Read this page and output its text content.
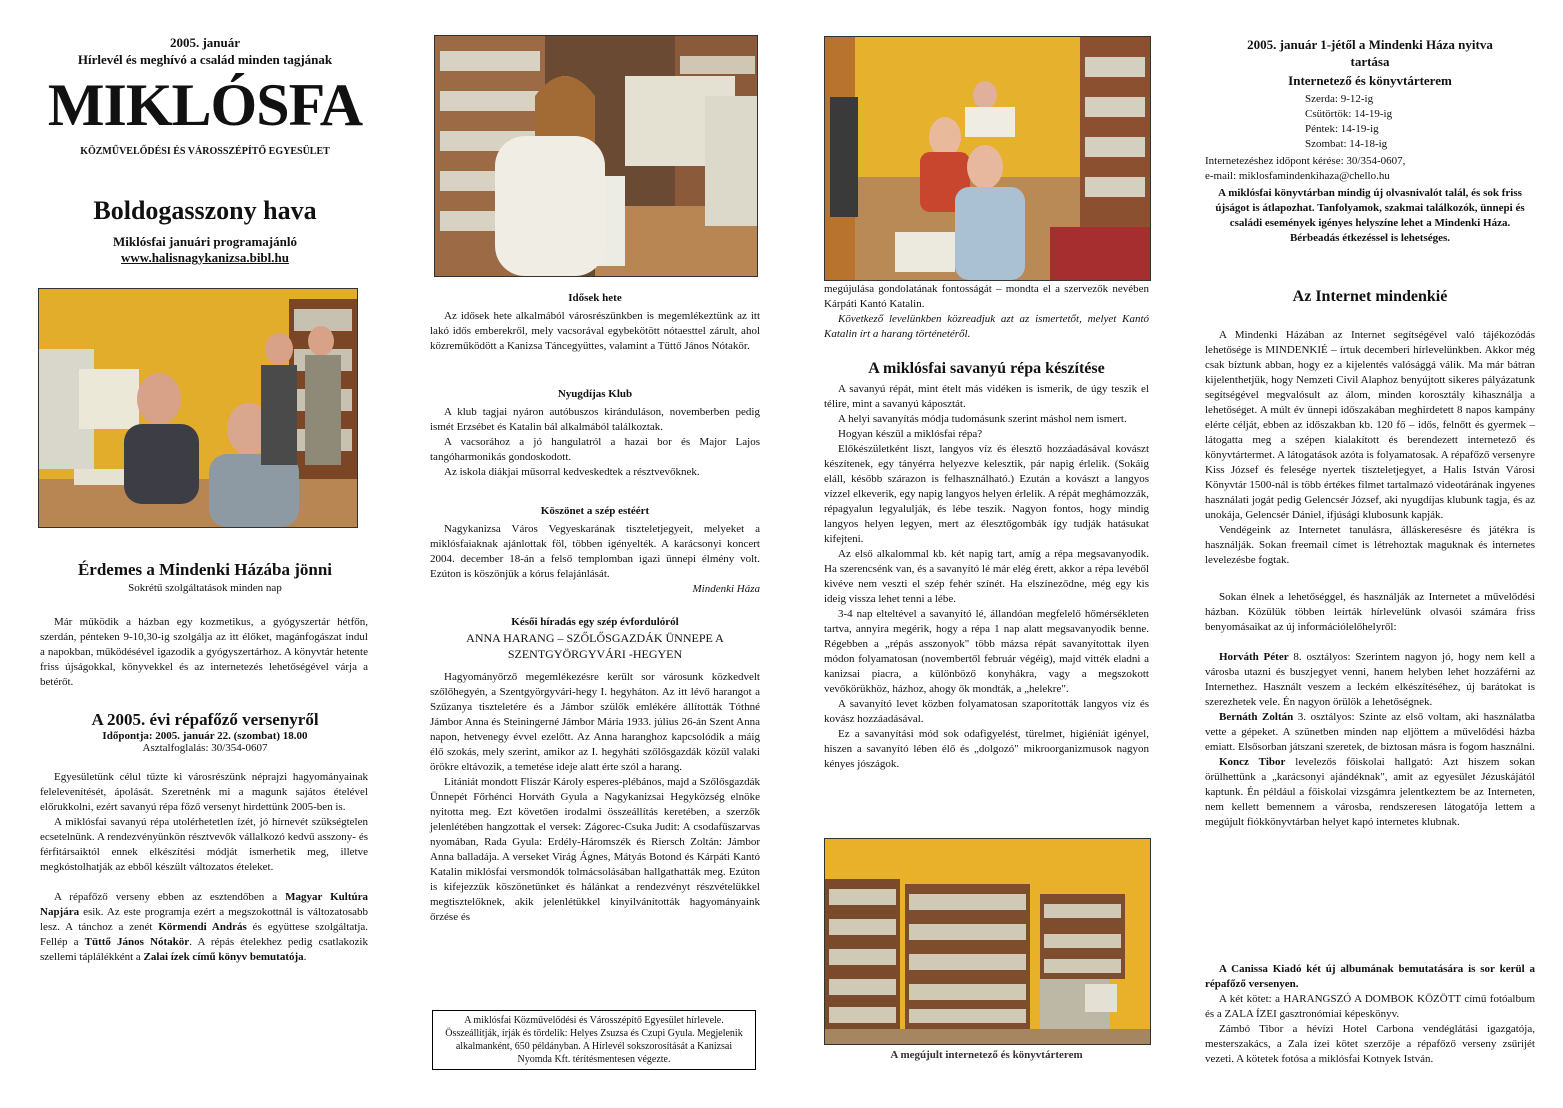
2005. január
Hírlevél és meghívó a család minden tagjának
MIKLÓSFA
KÖZMŰVELŐDÉSI ÉS VÁROSSZÉPÍTŐ EGYESÜLET
Boldogasszony hava
Miklósfai januári programajánló
www.halisnagykanizsa.bibl.hu
Érdemes a Mindenki Házába jönni
Sokrétű szolgáltatások minden nap

Már működik a házban egy kozmetikus, a gyógyszertár hétfőn, szerdán, pénteken 9-10,30-ig szolgálja az itt élőket, magánfogászat indul a napokban, működésével igazodik a gyógyszertárhoz. A könyvtár hetente friss újságokkal, könyvekkel és az internetezés lehetőségével várja a betérőt.

A 2005. évi répafőző versenyről
Időpontja: 2005. január 22. (szombat) 18.00
Asztalfoglalás: 30/354-0607

Egyesületünk célul tűzte ki városrészünk néprajzi hagyományainak felelevenítését, ápolását. Szeretnénk mi a magunk sajátos ételével előrukkolni, ezért savanyú répa főző versenyt hirdettünk 2005-ben is.

A miklósfai savanyú répa utolérhetetlen ízét, jó hírnevét szükségtelen ecsetelnünk. A rendezvényünkön résztvevők vállalkozó kedvű asszony- és férfitársaiktól ennek elkészítési módját ismerhetik meg, illetve megkóstolhatják az ebből készült változatos ételeket.

A répafőző verseny ebben az esztendőben a Magyar Kultúra Napjára esik. Az este programja ezért a megszokottnál is változatosabb lesz. A tánchoz a zenét Körmendi András és együttese szolgáltatja. Fellép a Tüttő János Nótakör. A répás ételekhez pedig csatlakozik szellemi táplálékként a Zalai ízek című könyv bemutatója.

Idősek hete

Az idősek hete alkalmából városrészünkben is megemlékeztünk az itt lakó idős emberekről, mely vacsorával egybekötött nótaesttel zárult, ahol közreműködött a Kanizsa Táncegyüttes, valamint a Tüttő János Nótakör.

Nyugdíjas Klub

A klub tagjai nyáron autóbuszos kiránduláson, novemberben pedig ismét Erzsébet és Katalin bál alkalmából találkoztak.

A vacsorához a jó hangulatról a hazai bor és Major Lajos tangóharmonikás gondoskodott.

Az iskola diákjai műsorral kedveskedtek a résztvevőknek.

Köszönet a szép estéért

Nagykanizsa Város Vegyeskarának tiszteletjegyeit, melyeket a miklósfaiaknak ajánlottak föl, többen igényelték. A karácsonyi koncert 2004. december 18-án a felső templomban igazi ünnepi élmény volt. Ezúton is köszönjük a kórus felajánlását.

Mindenki Háza
Késői híradás egy szép évfordulóról
ANNA HARANG – SZŐLŐSGAZDÁK ÜNNEPE A
SZENTGYÖRGYVÁRI -HEGYEN

Hagyományőrző megemlékezésre került sor városunk közkedvelt szőlőhegyén, a Szentgyörgyvári-hegy I. hegyháton. Az itt lévő harangot a Szűzanya tiszteletére és a Jámbor szülők emlékére állították Tóthné Jámbor Anna és Steiningerné Jámbor Mária 1933. július 26-án Szent Anna napon, hetvenegy évvel ezelőtt. Az Anna haranghoz kapcsolódik a máig élő szokás, mely szerint, amikor az I. hegyháti szőlősgazdák közül valaki örökre eltávozik, a temetése ideje alatt érte szól a harang.

Litániát mondott Fliszár Károly esperes-plébános, majd a Szőlősgazdák Ünnepét Főrhénci Horváth Gyula a Nagykanizsai Hegyközség elnöke nyitotta meg. Ezt követően irodalmi összeállítás keretében, a szerzők jelenlétében hangzottak el versek: Zágorec-Csuka Judit: A csodafűszarvas nyomában, Rada Gyula: Erdély-Háromszék és Riersch Zoltán: Jámbor Anna balladája. A verseket Virág Ágnes, Mátyás Botond és Kárpáti Kantó Katalin miklósfai versmondók tolmácsolásában hallgathatták meg. Ezúton is kifejezzük köszönetünket és hálánkat a rendezvényt részvételükkel megtisztelőknek, akik jelenlétükkel kinyilvánították hagyományaink őrzése és

A miklósfai Közművelődési és Városszépítő Egyesület hírlevele. Összeállítják, írják és tördelik: Helyes Zsuzsa és Czupi Gyula. Megjelenik alkalmanként, 650 példányban. A Hírlevél sokszorosítását a Kanizsai Nyomda Kft. térítésmentesen végezte.
megújulása gondolatának fontosságát – mondta el a szervezők nevében Kárpáti Kantó Katalin.

Következő levelünkben közreadjuk azt az ismertetőt, melyet Kantó Katalin írt a harang történetéről.

A miklósfai savanyú répa készítése

A savanyú répát, mint ételt más vidéken is ismerik, de úgy teszik el télire, mint a savanyú káposztát.

A helyi savanyítás módja tudomásunk szerint máshol nem ismert.

Hogyan készül a miklósfai répa?

Előkészületként liszt, langyos víz és élesztő hozzáadásával kovászt készítenek, egy tányérra helyezve kelesztik, pár napig érlelik. (Sokáig eláll, később szárazon is felhasználható.) Ezután a kovászt a langyos vízzel elkeverik, egy napig langyos helyen érlelik. A répát meghámozzák, répagyalun legyalulják, és lébe teszik. Nagyon fontos, hogy mindig langyos helyen legyen, mert az élesztőgombák így tudják hatásukat kifejteni.

Az első alkalommal kb. két napig tart, amíg a répa megsavanyodik. Ha szerencsénk van, és a savanyító lé már elég érett, akkor a répa levéből kivéve nem veszti el szép fehér színét. Ha elszíneződne, még egy kis ideig vissza lehet tenni a lébe.

3-4 nap elteltével a savanyító lé, állandóan megfelelő hőmérsékleten tartva, annyira megérik, hogy a répa 1 nap alatt megsavanyodik benne. Régebben a „répás asszonyok" több mázsa répát savanyítottak ilyen módon folyamatosan (novembertől február végéig), majd vitték eladni a kanizsai piacra, a különböző konyhákra, vagy a megszokott vevőkörükhöz, házhoz, ahogy ők mondták, a „helekre".

A savanyító levet közben folyamatosan szaporították langyos víz és kovász hozzáadásával.

Ez a savanyítási mód sok odafigyelést, türelmet, higiéniát igényel, hiszen a savanyító lében élő és „dolgozó" mikroorganizmusok nagyon kényes jószágok.

A megújult internetező és könyvtárterem
2005. január 1-jétől a Mindenki Háza nyitva
tartása
Internetező és könyvtárterem
Szerda: 9-12-ig
Csütörtök: 14-19-ig
Péntek: 14-19-ig
Szombat: 14-18-ig
Internetezéshez időpont kérése: 30/354-0607,
e-mail: miklosfamindenkihaza@chello.hu
A miklósfai könyvtárban mindig új olvasnivalót talál, és sok friss újságot is átlapozhat. Tanfolyamok, szakmai találkozók, ünnepi és családi események igényes helyszíne lehet a Mindenki Háza. Bérbeadás étkezéssel is lehetséges.
Az Internet mindenkié

A Mindenki Házában az Internet segítségével való tájékozódás lehetősége is MINDENKIÉ – írtuk decemberi hírlevelünkben. Akkor még csak bíztunk abban, hogy ez a kijelentés valósággá válik. Ma már bátran kijelenthetjük, hogy Nemzeti Civil Alaphoz benyújtott sikeres pályázatunk segítségével megvalósult az álom, minden korosztály kihasználja a lehetőséget. A múlt év ünnepi időszakában meghirdetett 8 napos kampány elérte célját, ebben az időszakban kb. 120 fő – idős, felnőtt és gyermek – látogatta meg a szépen kialakított és berendezett internetező és könyvtártermet. A látogatások azóta is folyamatosak. A répafőző versenyre Kiss József és felesége nyertek tiszteletjegyet, a Halis István Városi Könyvtár 1500-nál is több értékes filmet tartalmazó videotárának ingyenes használati jogát pedig Gelencsér József, aki nyugdíjas klubunk tagja, és az unokája, Gelencsér Dániel, ifjúsági klubosunk kapják.

Vendégeink az Internetet tanulásra, álláskeresésre és játékra is használják. Sokan freemail címet is létrehoztak maguknak és internetes levelezésbe fogtak.

Sokan élnek a lehetőséggel, és használják az Internetet a művelődési házban. Közülük többen leírták hírlevelünk olvasói számára friss benyomásaikat az új információlelőhelyről:

Horváth Péter 8. osztályos: Szerintem nagyon jó, hogy nem kell a városba utazni és buszjegyet venni, hanem helyben lehet hozzáférni az Internethez. Használt veszem a leckém elkészítéséhez, új barátokat is szerezhetek vele. Én nagyon örülök a lehetőségnek.

Bernáth Zoltán 3. osztályos: Szinte az első voltam, aki használatba vette a gépeket. A szünetben minden nap eljöttem a művelődési házba emiatt. Elsősorban játszani szeretek, de biztosan másra is fogom használni.

Koncz Tibor levelezős főiskolai hallgató: Azt hiszem sokan örülhettünk a „karácsonyi ajándéknak", amit az egyesület Jézuskájától kaptunk. Én például a főiskolai vizsgámra jelentkeztem be az Interneten, nem kellett bemennem a városba, rendszeresen látogatója lettem a megújult fiókkönyvtárban helyet kapó internetes klubnak.

A Canissa Kiadó két új albumának bemutatására is sor kerül a répafőző versenyen.

A két kötet: a HARANGSZÓ A DOMBOK KÖZÖTT című fotóalbum és a ZALA ÍZEI gasztronómiai képeskönyv.

Zámbó Tibor a hévízi Hotel Carbona vendéglátási igazgatója, mesterszakács, a Zala ízei kötet szerzője a répafőző verseny zsűrijét vezeti. A kötetek fotósa a miklósfai Kotnyek István.
